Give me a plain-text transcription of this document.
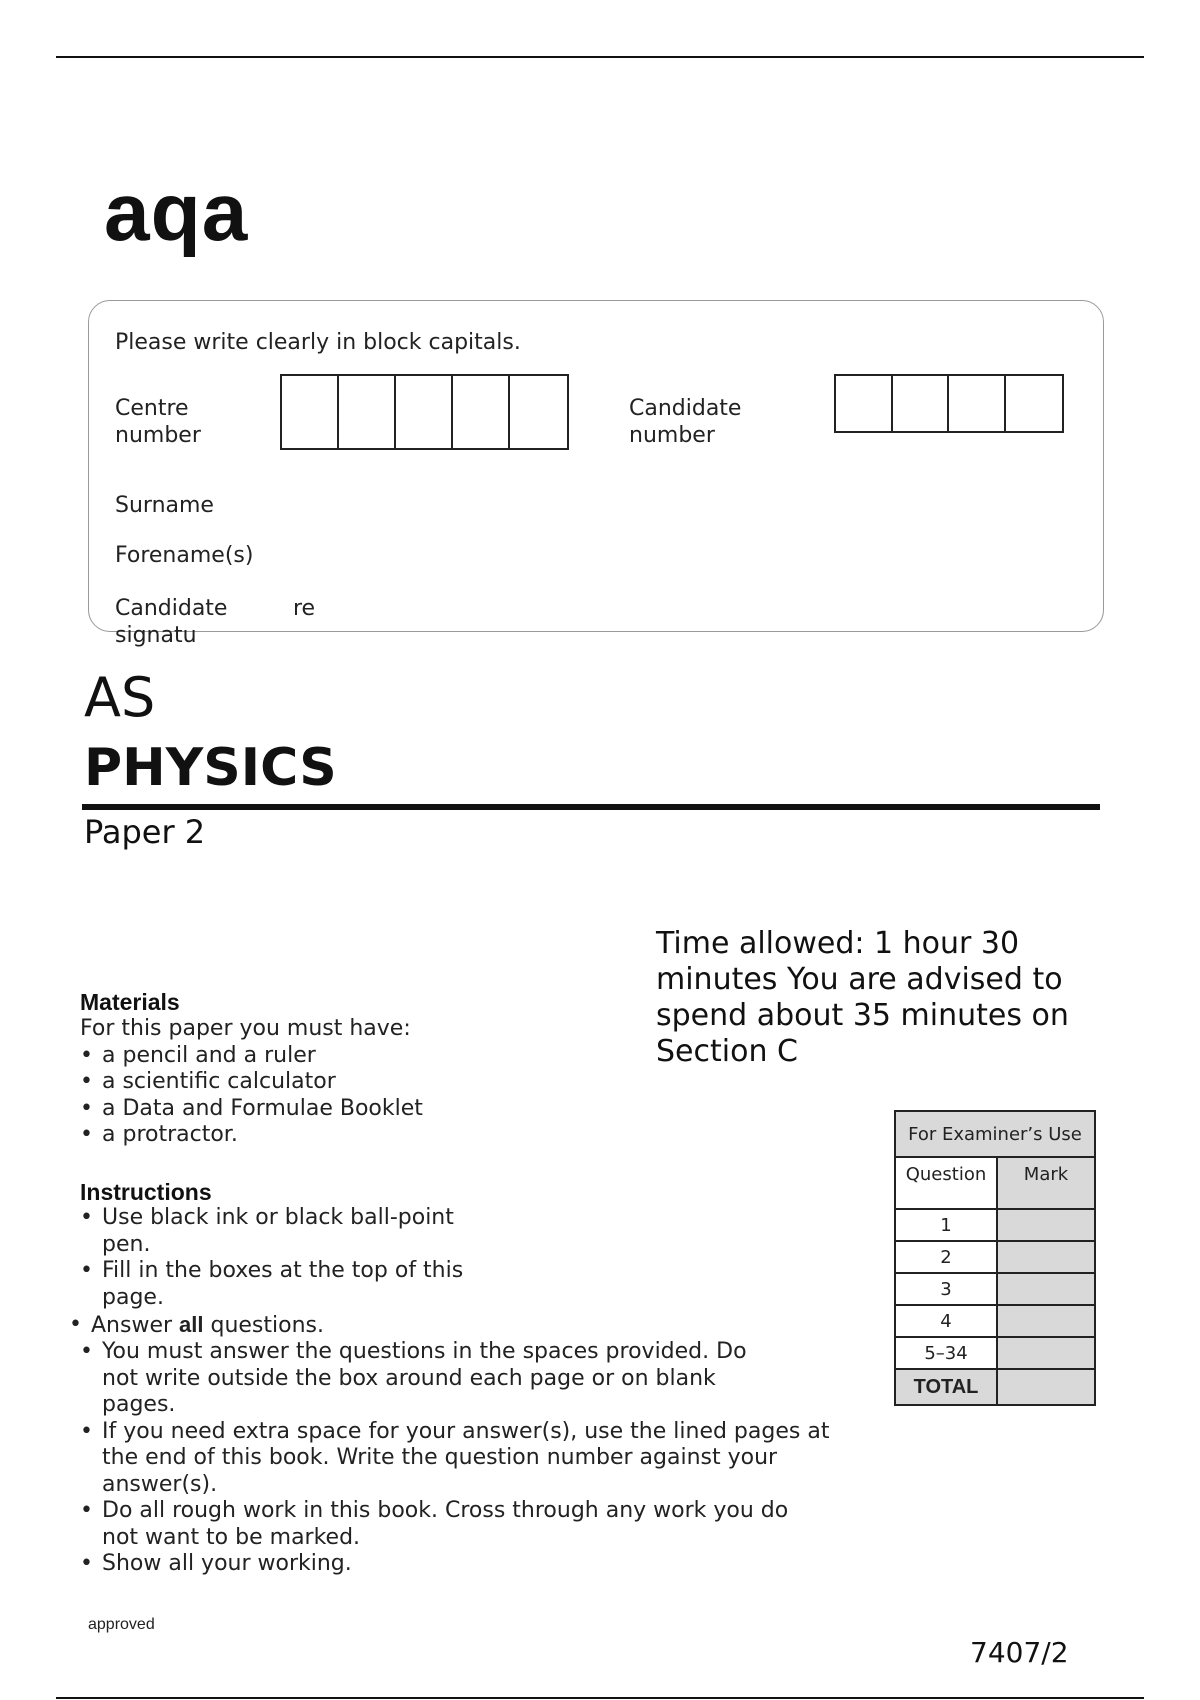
aqa
Please write clearly in block capitals.
Centre
number
Candidate
number
Surname
Forename(s)
Candidate
signatu
re
AS
PHYSICS
Paper 2
Time allowed: 1 hour 30 minutes You are advised to spend about 35 minutes on Section C
Materials
For this paper you must have:
• a pencil and a ruler
• a scientific calculator
• a Data and Formulae Booklet
• a protractor.
Instructions
• Use black ink or black ball-point pen.
• Fill in the boxes at the top of this page.
• Answer all questions.
• You must answer the questions in the spaces provided. Do not write outside the box around each page or on blank pages.
• If you need extra space for your answer(s), use the lined pages at the end of this book. Write the question number against your answer(s).
• Do all rough work in this book. Cross through any work you do not want to be marked.
• Show all your working.
For Examiner’s Use	
Question	Mark
1	
2	
3	
4	
5–34	
TOTAL	
approved
7407/2
